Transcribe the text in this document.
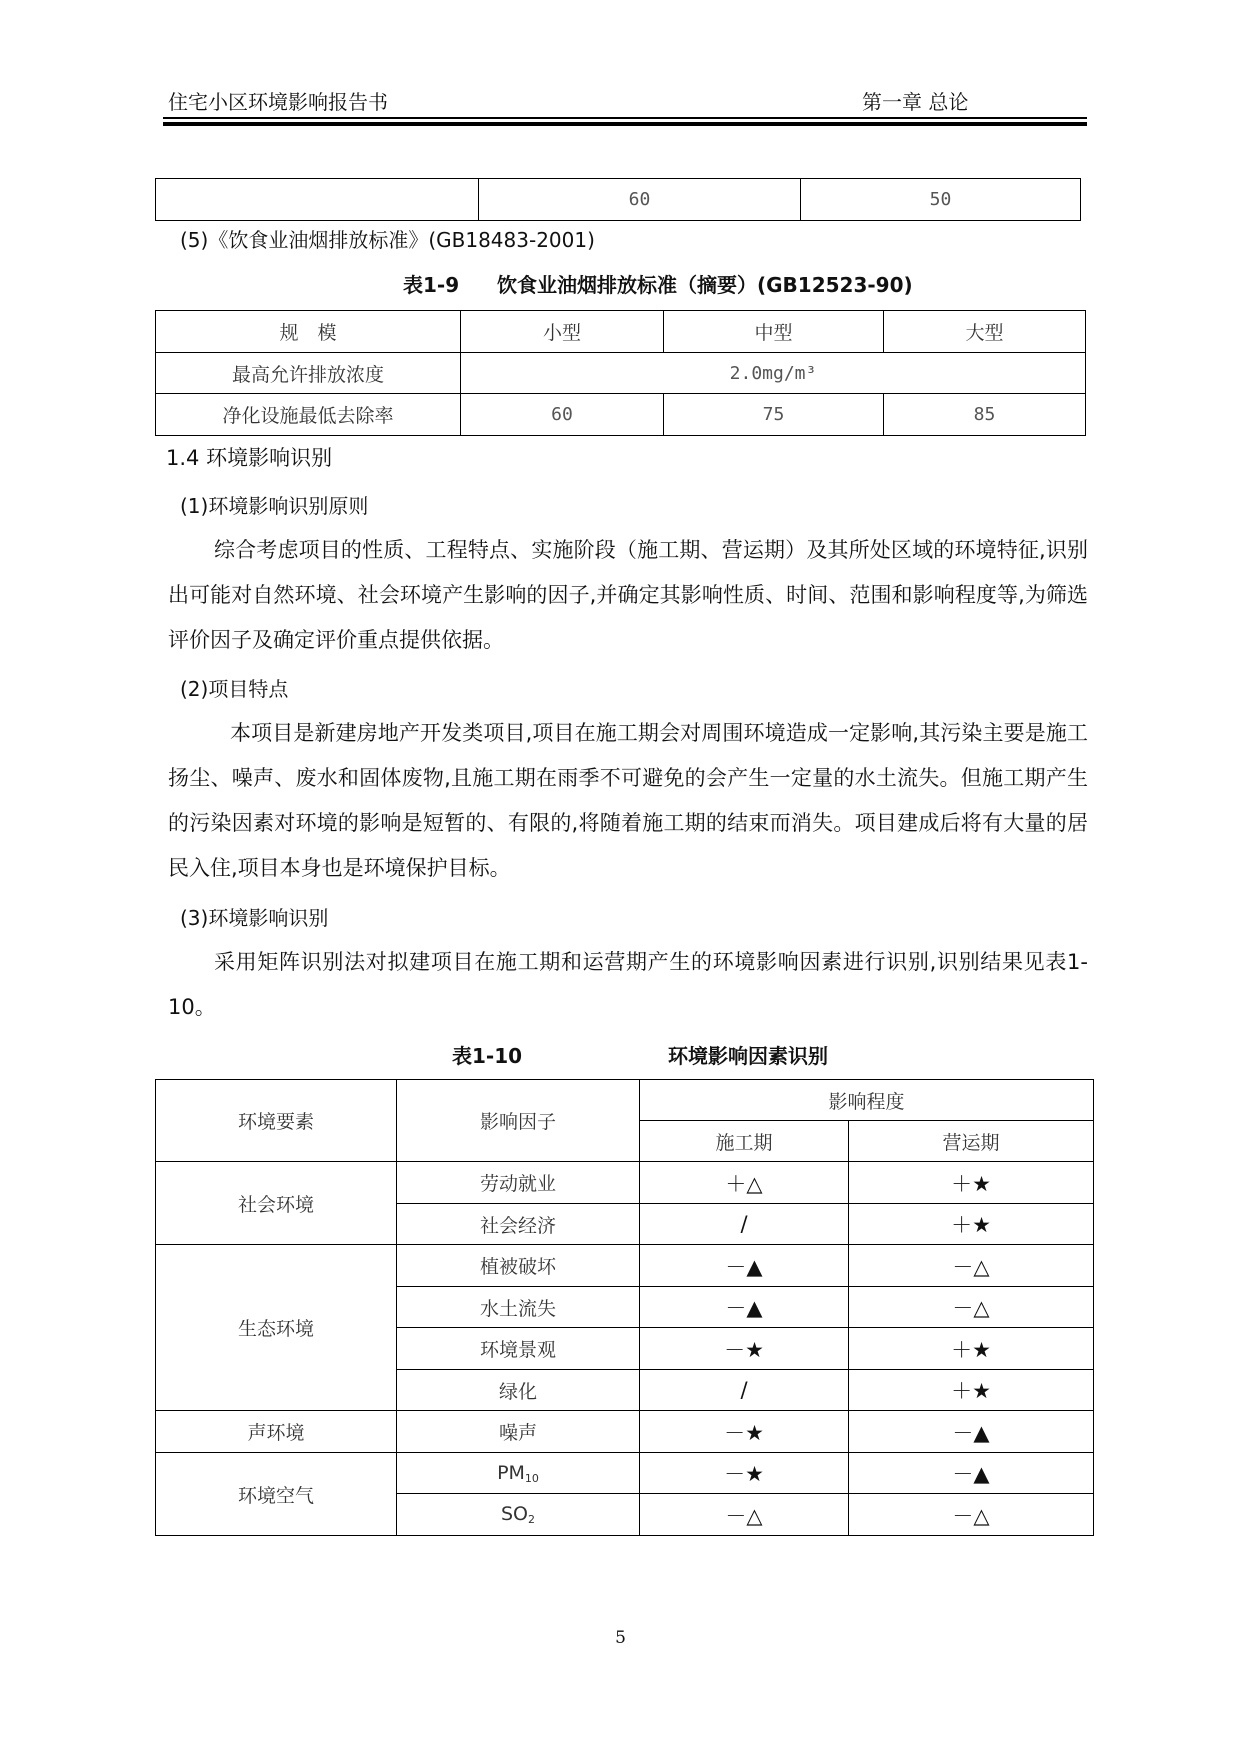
住宅小区环境影响报告书	第一章 总论
	60	50
(5)《饮食业油烟排放标准》(GB18483-2001)
表1-9 饮食业油烟排放标准（摘要）(GB12523-90)
规　模	小型	中型	大型
最高允许排放浓度	2.0mg/m³		
净化设施最低去除率	60	75	85
1.4 环境影响识别
(1)环境影响识别原则

综合考虑项目的性质、工程特点、实施阶段（施工期、营运期）及其所处区域的环境特征,识别出可能对自然环境、社会环境产生影响的因子,并确定其影响性质、时间、范围和影响程度等,为筛选评价因子及确定评价重点提供依据。

(2)项目特点

本项目是新建房地产开发类项目,项目在施工期会对周围环境造成一定影响,其污染主要是施工扬尘、噪声、废水和固体废物,且施工期在雨季不可避免的会产生一定量的水土流失。但施工期产生的污染因素对环境的影响是短暂的、有限的,将随着施工期的结束而消失。项目建成后将有大量的居民入住,项目本身也是环境保护目标。

(3)环境影响识别

采用矩阵识别法对拟建项目在施工期和运营期产生的环境影响因素进行识别,识别结果见表1-10。

表1-10	环境影响因素识别
环境要素	影响因子	影响程度	
		施工期	营运期
社会环境	劳动就业	＋△	＋★
	社会经济	/	＋★
生态环境	植被破坏	－▲	－△
	水土流失	－▲	－△
	环境景观	－★	＋★
	绿化	/	＋★
声环境	噪声	－★	－▲
环境空气	$PM_{10}$	－★	－▲
	$SO_2$	－△	－△
5
